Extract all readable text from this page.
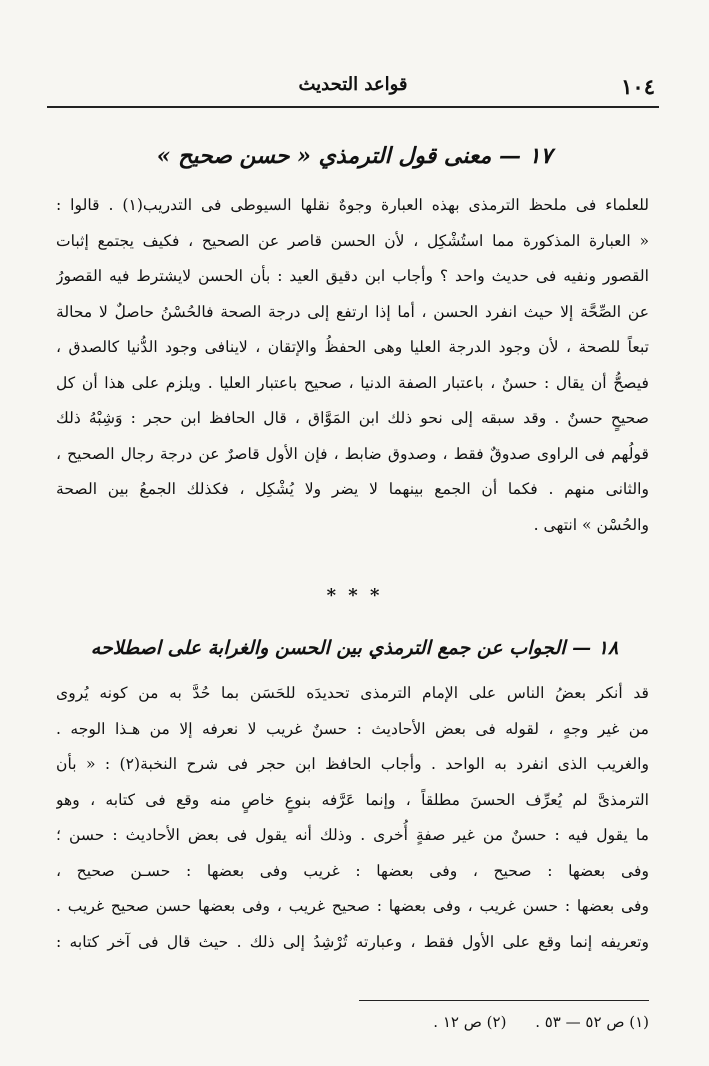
١٠٤
قواعد التحديث
١٧ — معنى قول الترمذي « حسن صحيح »
للعلماء فى ملحظ الترمذى بهذه العبارة وجوهٌ نقلها السيوطى فى التدريب(١) . قالوا :
« العبارة المذكورة مما استُشْكِل ، لأن الحسن قاصر عن الصحيح ، فكيف يجتمع إثبات
القصور ونفيه فى حديث واحد ؟ وأجاب ابن دقيق العيد : بأن الحسن لايشترط فيه القصورُ
عن الصِّحَّة إلا حيث انفرد الحسن ، أما إذا ارتفع إلى درجة الصحة فالحُسْنُ حاصلٌ لا محالة
تبعاً للصحة ، لأن وجود الدرجة العليا وهى الحفظُ والإتقان ، لاينافى وجود الدُّنيا كالصدق ،
فيصحُّ أن يقال : حسنٌ ، باعتبار الصفة الدنيا ، صحيح باعتبار العليا . ويلزم على هذا أن كل
صحيحٍ حسنٌ . وقد سبقه إلى نحو ذلك ابن المَوَّاق ، قال الحافظ ابن حجر : وَشِبْهُ ذلك
قولُهم فى الراوى صدوقٌ فقط ، وصدوق ضابط ، فإن الأول قاصرٌ عن درجة رجال الصحيح ،
والثانى منهم . فكما أن الجمع بينهما لا يضر ولا يُشْكِل ، فكذلك الجمعُ بين الصحة
والحُسْن » انتهى .
* * *
١٨ — الجواب عن جمع الترمذي بين الحسن والغرابة على اصطلاحه
قد أنكر بعضُ الناس على الإمام الترمذى تحديدَه للحَسَن بما حُدَّ به من كونه يُروى
من غير وجهٍ ، لقوله فى بعض الأحاديث : حسنٌ غريب لا نعرفه إلا من هـذا الوجه .
والغريب الذى انفرد به الواحد . وأجاب الحافظ ابن حجر فى شرح النخبة(٢) : « بأن
الترمذىَّ لم يُعرِّف الحسنَ مطلقاً ، وإنما عَرَّفه بنوعٍ خاصٍ منه وقع فى كتابه ، وهو
ما يقول فيه : حسنٌ من غير صفةٍ أُخرى . وذلك أنه يقول فى بعض الأحاديث : حسن ؛
وفى بعضها : صحيح ، وفى بعضها : غريب وفى بعضها : حسـن صحيح ،
وفى بعضها : حسن غريب ، وفى بعضها : صحيح غريب ، وفى بعضها حسن صحيح غريب .
وتعريفه إنما وقع على الأول فقط ، وعبارته تُرْشِدُ إلى ذلك . حيث قال فى آخر كتابه :
(١) ص ٥٢ — ٥٣ . (٢) ص ١٢ .
